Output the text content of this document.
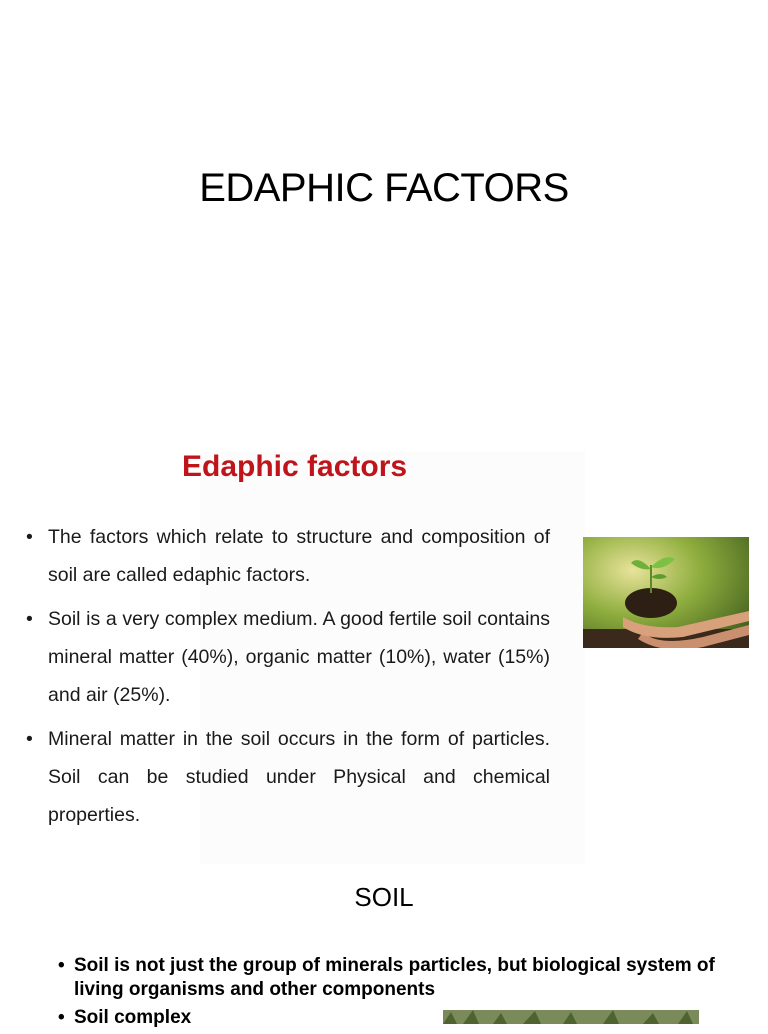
EDAPHIC FACTORS
Edaphic factors
• The factors which relate to structure and composition of soil are called edaphic factors.
• Soil is a very complex medium. A good fertile soil contains mineral matter (40%), organic matter (10%), water (15%) and air (25%).
• Mineral matter in the soil occurs in the form of particles. Soil can be studied under Physical and chemical properties.
SOIL
• Soil is not just the group of minerals particles, but biological system of living organisms and other components
• Soil complex
